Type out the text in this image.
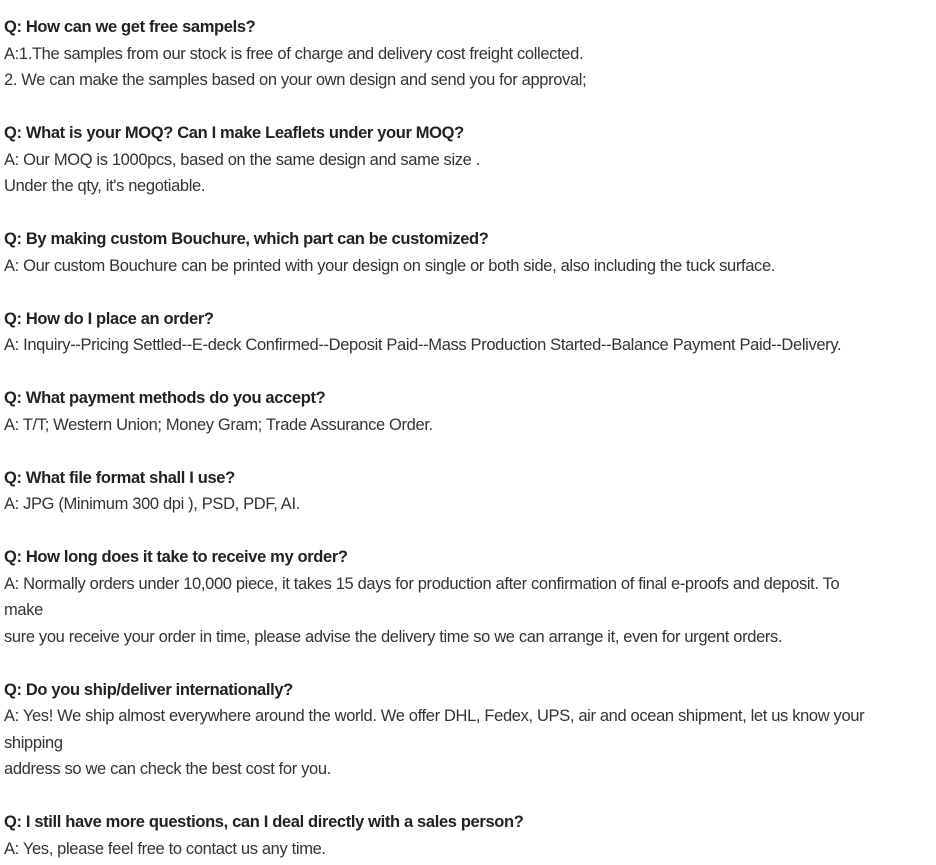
Q: How can we get free sampels?
A:1.The samples from our stock is free of charge and delivery cost freight collected.
2. We can make the samples based on your own design and send you for approval;
Q: What is your MOQ? Can I make Leaflets under your MOQ?
A: Our MOQ is 1000pcs, based on the same design and same size .
Under the qty, it's negotiable.
Q: By making custom Bouchure, which part can be customized?
A: Our custom Bouchure can be printed with your design on single or both side, also including the tuck surface.
Q: How do I place an order?
A: Inquiry--Pricing Settled--E-deck Confirmed--Deposit Paid--Mass Production Started--Balance Payment Paid--Delivery.
Q: What payment methods do you accept?
A: T/T; Western Union; Money Gram; Trade Assurance Order.
Q: What file format shall I use?
A: JPG (Minimum 300 dpi ), PSD, PDF, AI.
Q: How long does it take to receive my order?
A: Normally orders under 10,000 piece, it takes 15 days for production after confirmation of final e-proofs and deposit. To
make
sure you receive your order in time, please advise the delivery time so we can arrange it, even for urgent orders.
Q: Do you ship/deliver internationally?
A: Yes! We ship almost everywhere around the world. We offer DHL, Fedex, UPS, air and ocean shipment, let us know your
shipping
address so we can check the best cost for you.
Q: I still have more questions, can I deal directly with a sales person?
A: Yes, please feel free to contact us any time.
